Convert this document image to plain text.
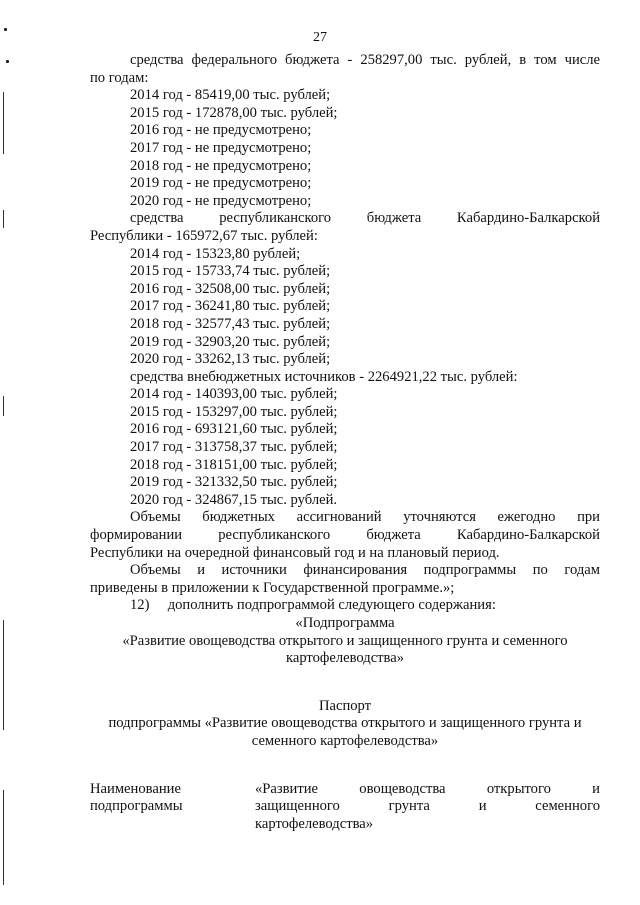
27

средства федерального бюджета - 258297,00 тыс. рублей, в том числе

по годам:

2014 год - 85419,00 тыс. рублей;

2015 год - 172878,00 тыс. рублей;

2016 год - не предусмотрено;

2017 год - не предусмотрено;

2018 год - не предусмотрено;

2019 год - не предусмотрено;

2020 год - не предусмотрено;

средства республиканского бюджета Кабардино-Балкарской

Республики - 165972,67 тыс. рублей:

2014 год - 15323,80 рублей;

2015 год - 15733,74 тыс. рублей;

2016 год - 32508,00 тыс. рублей;

2017 год - 36241,80 тыс. рублей;

2018 год - 32577,43 тыс. рублей;

2019 год - 32903,20 тыс. рублей;

2020 год - 33262,13 тыс. рублей;

средства внебюджетных источников - 2264921,22 тыс. рублей:

2014 год - 140393,00 тыс. рублей;

2015 год - 153297,00 тыс. рублей;

2016 год - 693121,60 тыс. рублей;

2017 год - 313758,37 тыс. рублей;

2018 год - 318151,00 тыс. рублей;

2019 год - 321332,50 тыс. рублей;

2020 год - 324867,15 тыс. рублей.

Объемы бюджетных ассигнований уточняются ежегодно при

формировании республиканского бюджета Кабардино-Балкарской

Республики на очередной финансовый год и на плановый период.

Объемы и источники финансирования подпрограммы по годам

приведены в приложении к Государственной программе.»;

12)     дополнить подпрограммой следующего содержания:

«Подпрограмма

«Развитие овощеводства открытого и защищенного грунта и семенного

картофелеводства»

Паспорт

подпрограммы «Развитие овощеводства открытого и защищенного грунта и

семенного картофелеводства»

Наименование

подпрограммы

«Развитие овощеводства открытого и

защищенного грунта и семенного

картофелеводства»
